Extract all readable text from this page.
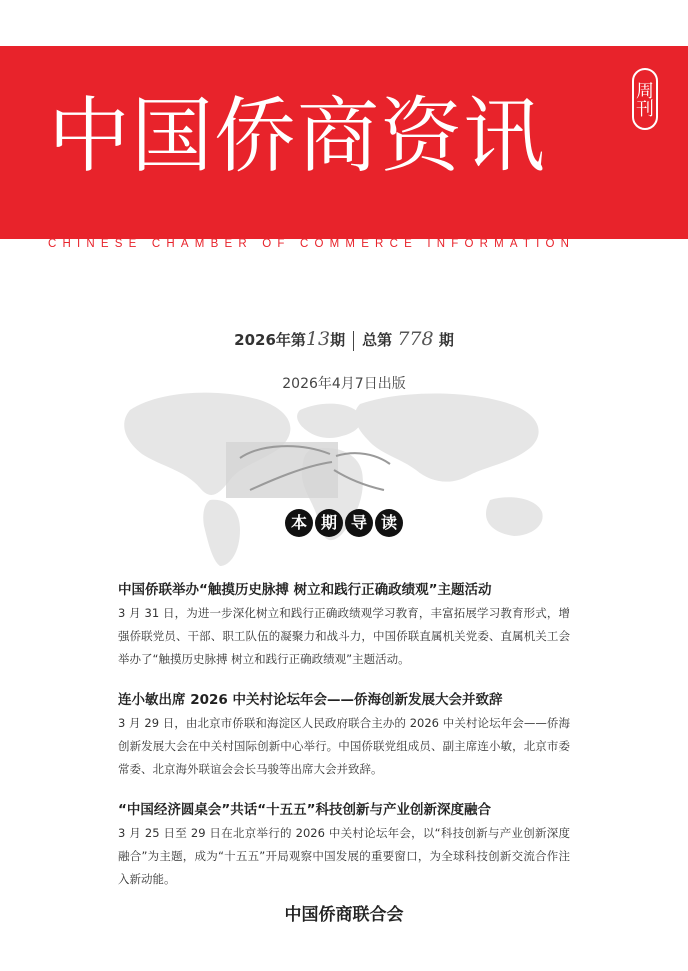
中国侨商资讯	周刊
CHINESE CHAMBER OF COMMERCE INFORMATION
2026年第13期 总第 778 期
2026年4月7日出版
本 期 导 读
中国侨联举办“触摸历史脉搏 树立和践行正确政绩观”主题活动

3 月 31 日，为进一步深化树立和践行正确政绩观学习教育，丰富拓展学习教育形式，增强侨联党员、干部、职工队伍的凝聚力和战斗力，中国侨联直属机关党委、直属机关工会举办了“触摸历史脉搏 树立和践行正确政绩观”主题活动。

连小敏出席 2026 中关村论坛年会——侨海创新发展大会并致辞

3 月 29 日，由北京市侨联和海淀区人民政府联合主办的 2026 中关村论坛年会——侨海创新发展大会在中关村国际创新中心举行。中国侨联党组成员、副主席连小敏，北京市委常委、北京海外联谊会会长马骏等出席大会并致辞。

“中国经济圆桌会”共话“十五五”科技创新与产业创新深度融合

3 月 25 日至 29 日在北京举行的 2026 中关村论坛年会，以“科技创新与产业创新深度融合”为主题，成为“十五五”开局观察中国发展的重要窗口，为全球科技创新交流合作注入新动能。

中国侨商联合会
